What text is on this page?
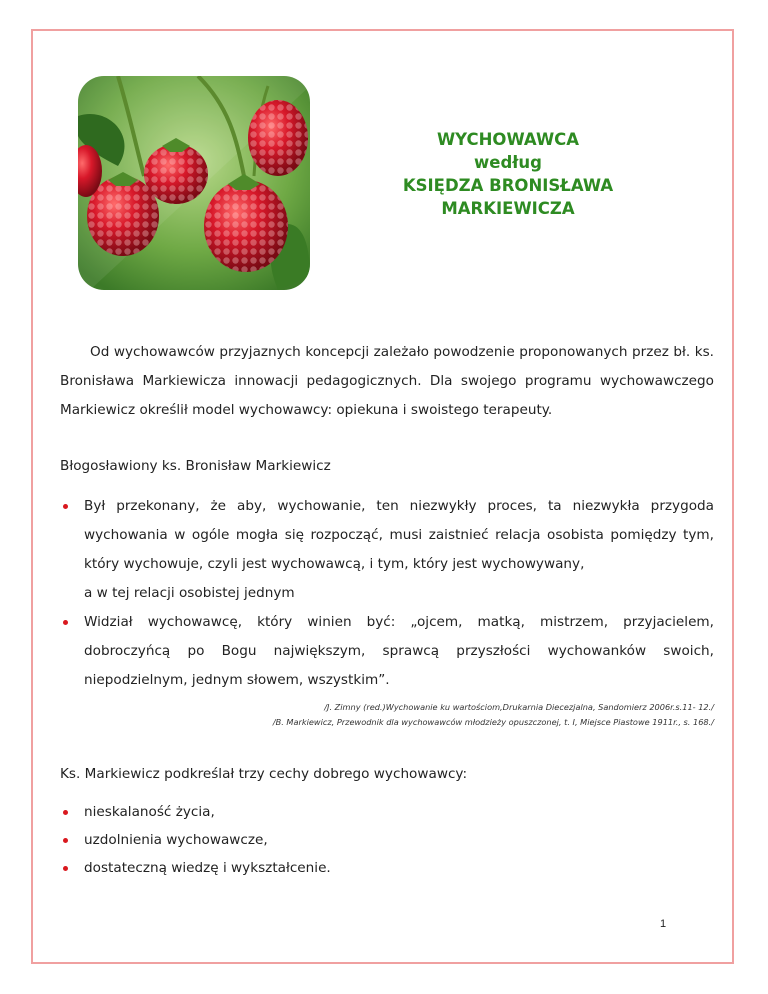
WYCHOWAWCA
według
KSIĘDZA BRONISŁAWA
MARKIEWICZA

Od wychowawców przyjaznych koncepcji zależało powodzenie proponowanych przez bł. ks. Bronisława Markiewicza innowacji pedagogicznych. Dla swojego programu wychowawczego Markiewicz określił model wychowawcy: opiekuna i swoistego terapeuty.

Błogosławiony ks. Bronisław Markiewicz
Był przekonany, że aby, wychowanie, ten niezwykły proces, ta niezwykła przygoda wychowania w ogóle mogła się rozpocząć, musi zaistnieć relacja osobista pomiędzy tym, który wychowuje, czyli jest wychowawcą, i tym, który jest wychowywany,
a w tej relacji osobistej jednym
Widział wychowawcę, który winien być: „ojcem, matką, mistrzem, przyjacielem, dobroczyńcą po Bogu największym, sprawcą przyszłości wychowanków swoich, niepodzielnym, jednym słowem, wszystkim”.
/J. Zimny (red.)Wychowanie ku wartościom,Drukarnia Diecezjalna, Sandomierz 2006r.s.11- 12./
/B. Markiewicz, Przewodnik dla wychowawców młodzieży opuszczonej, t. I, Miejsce Piastowe 1911r., s. 168./
Ks. Markiewicz podkreślał trzy cechy dobrego wychowawcy:
nieskalaność życia,
uzdolnienia wychowawcze,
dostateczną wiedzę i wykształcenie.
1
